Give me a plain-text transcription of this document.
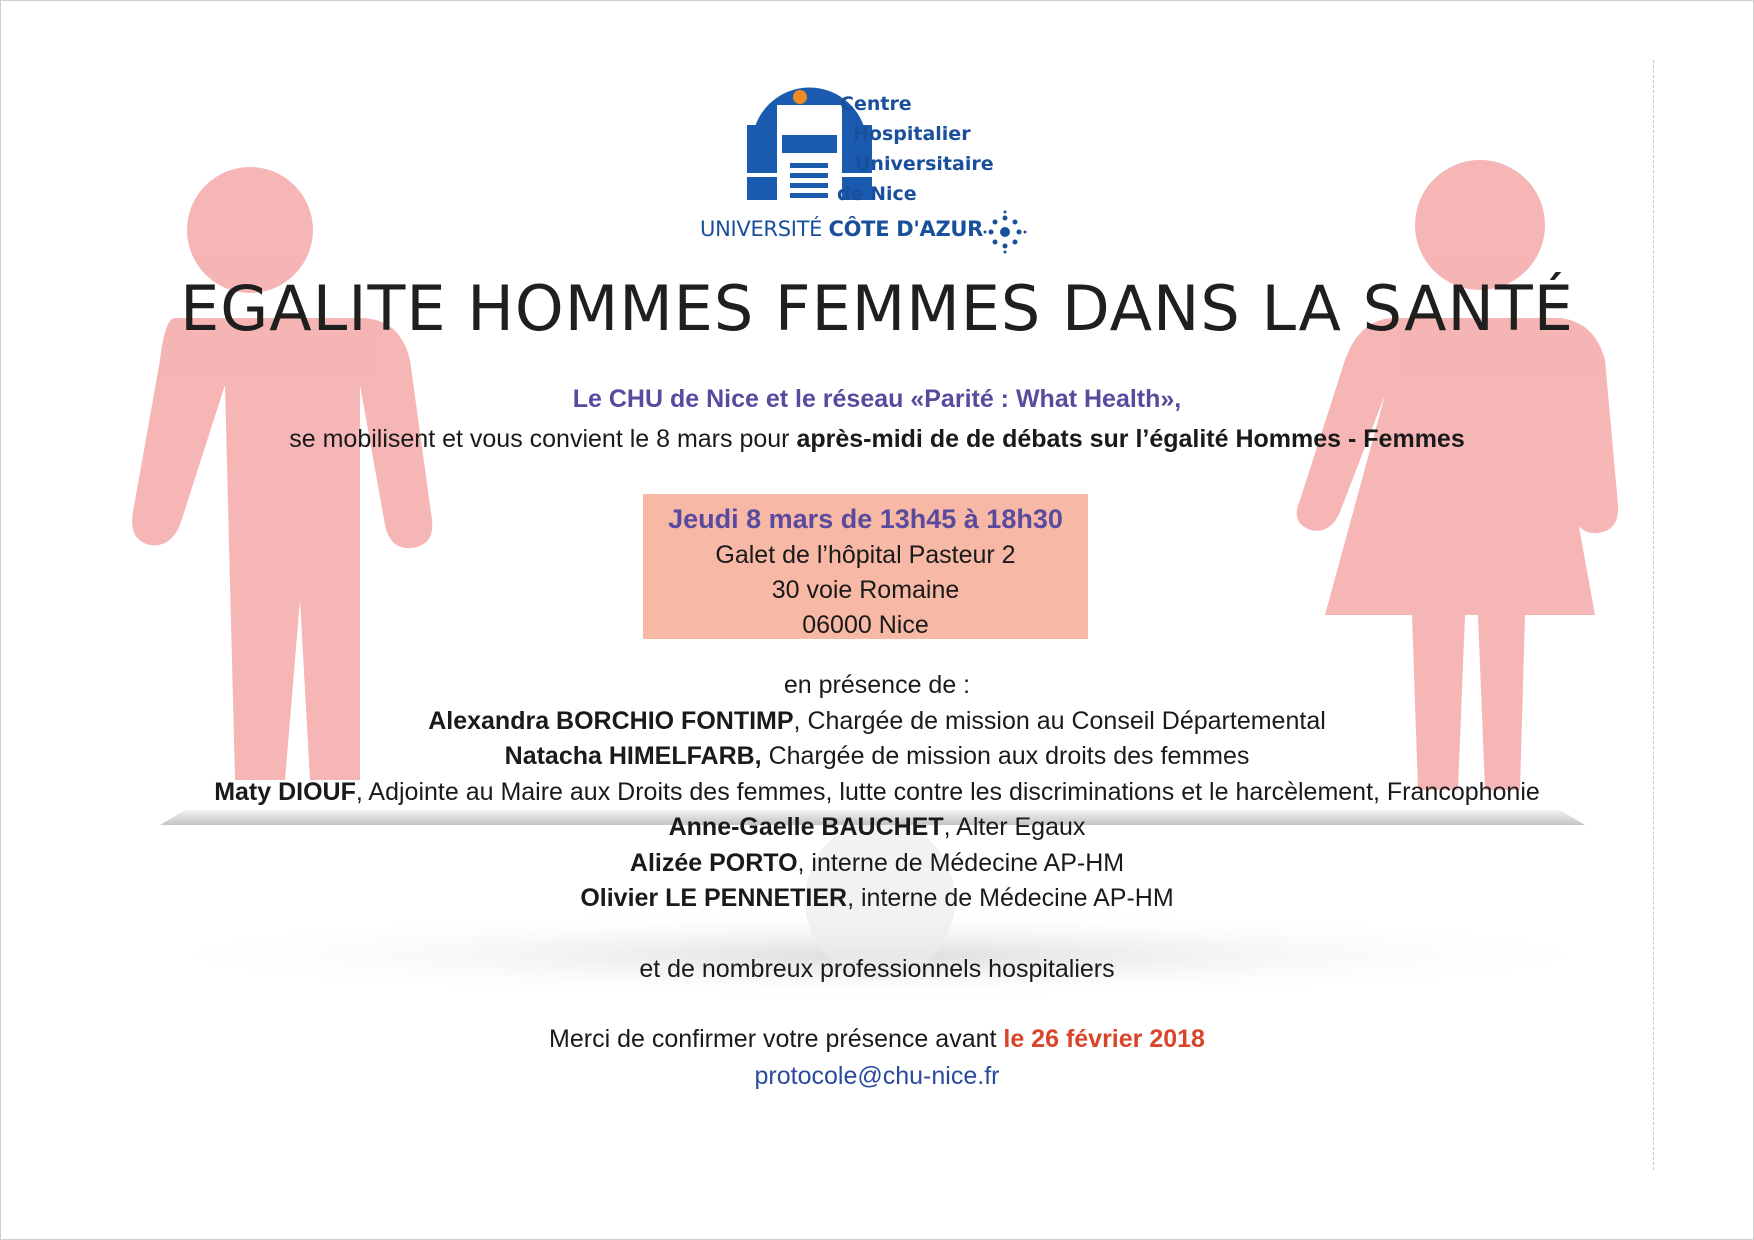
Centre
Hospitalier
Universitaire
de Nice
UNIVERSITÉ CÔTE D'AZUR
EGALITE HOMMES FEMMES DANS LA SANTÉ
Le CHU de Nice et le réseau «Parité : What Health»,
se mobilisent et vous convient le 8 mars pour après-midi de de débats sur l’égalité Hommes - Femmes
Jeudi 8 mars de 13h45 à 18h30
Galet de l’hôpital Pasteur 2
30 voie Romaine
06000 Nice
en présence de :
Alexandra BORCHIO FONTIMP, Chargée de mission au Conseil Départemental
Natacha HIMELFARB, Chargée de mission aux droits des femmes
Maty DIOUF, Adjointe au Maire aux Droits des femmes, lutte contre les discriminations et le harcèlement, Francophonie
Anne-Gaelle BAUCHET, Alter Egaux
Alizée PORTO, interne de Médecine AP-HM
Olivier LE PENNETIER, interne de Médecine AP-HM
et de nombreux professionnels hospitaliers
Merci de confirmer votre présence avant le 26 février 2018
protocole@chu-nice.fr
